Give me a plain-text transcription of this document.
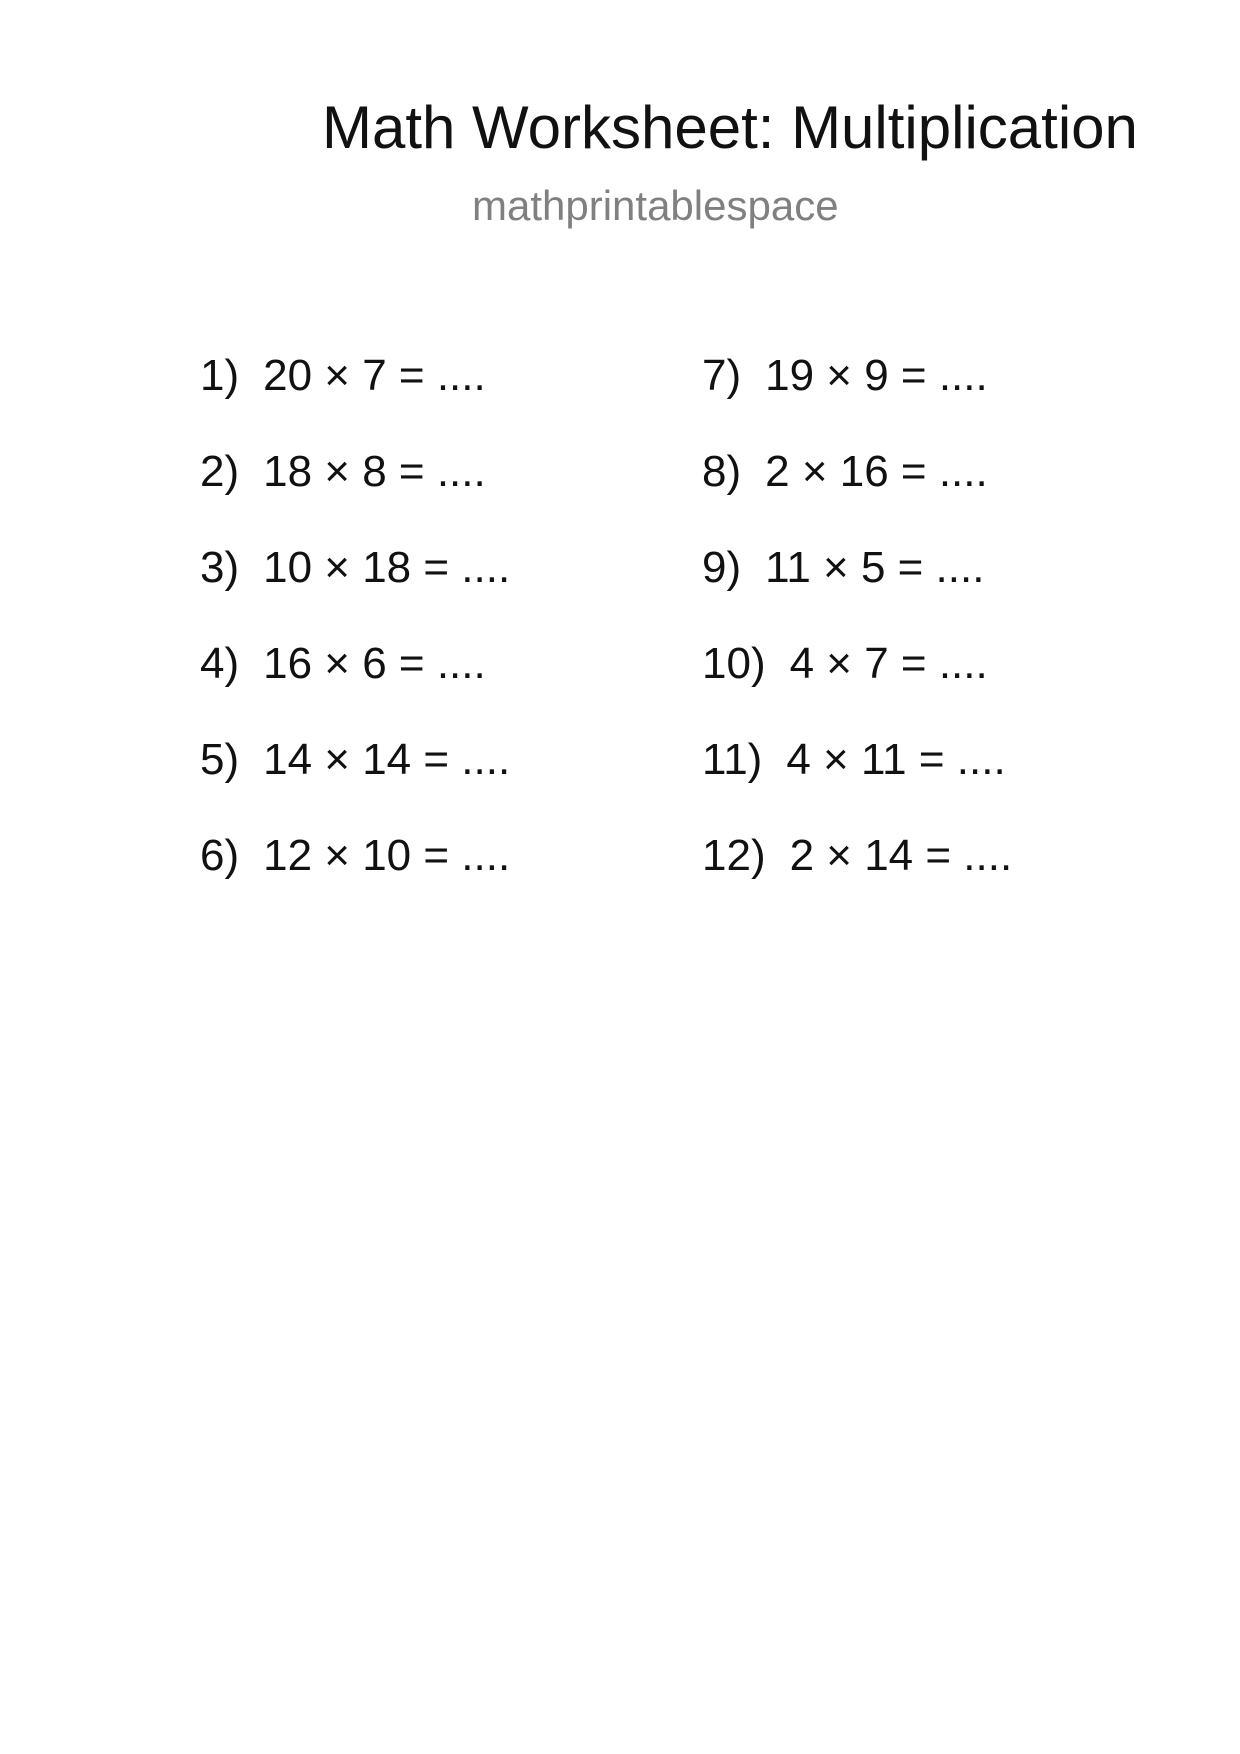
Math Worksheet: Multiplication
mathprintablespace
1) 20 × 7 = ....
2) 18 × 8 = ....
3) 10 × 18 = ....
4) 16 × 6 = ....
5) 14 × 14 = ....
6) 12 × 10 = ....
7) 19 × 9 = ....
8) 2 × 16 = ....
9) 11 × 5 = ....
10) 4 × 7 = ....
11) 4 × 11 = ....
12) 2 × 14 = ....
